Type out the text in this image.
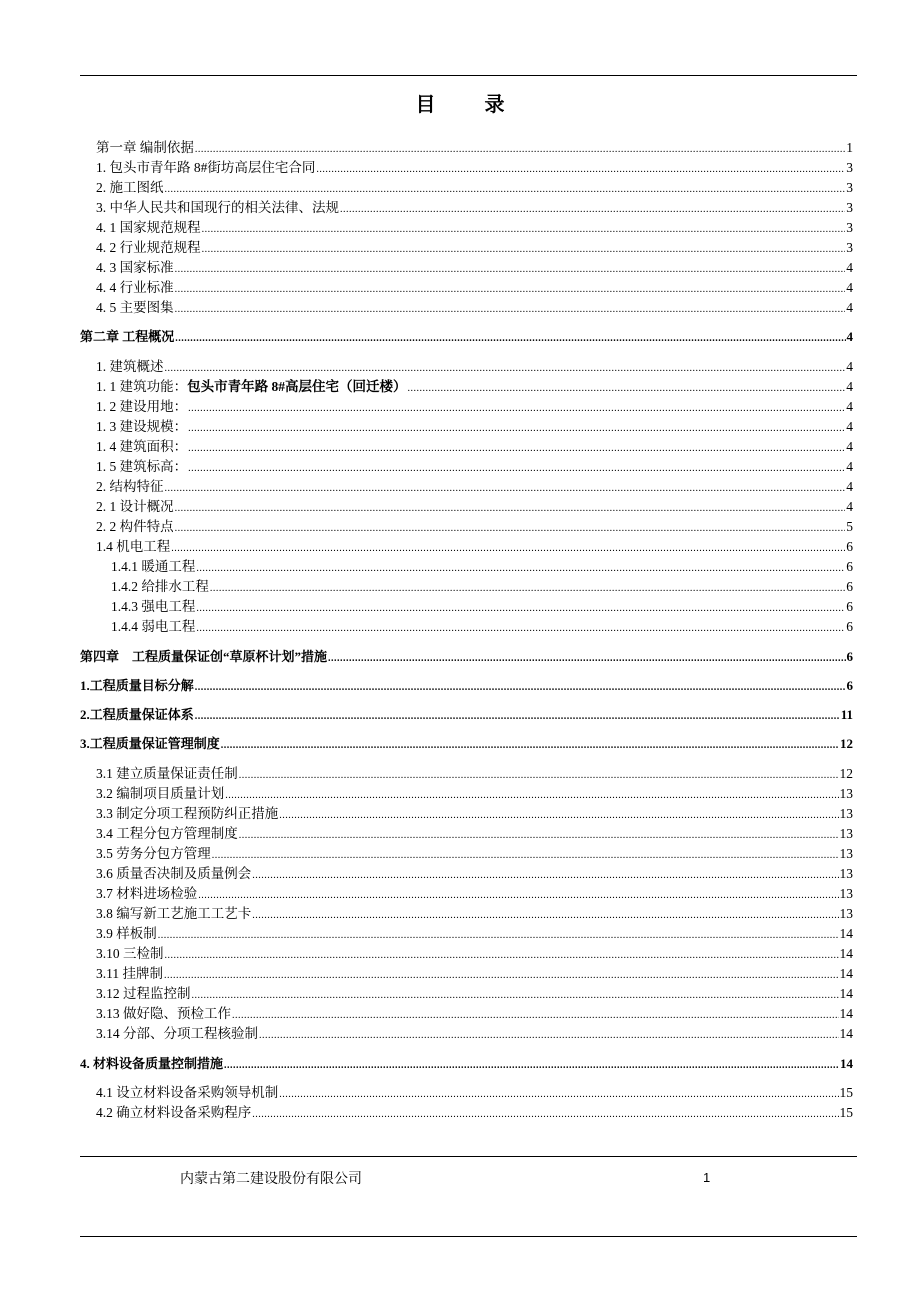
目 录
第一章 编制依据 .....	1
1. 包头市青年路 8#街坊高层住宅合同 .....	3
2. 施工图纸 .....	3
3. 中华人民共和国现行的相关法律、法规 .....	3
4. 1 国家规范规程 .....	3
4. 2 行业规范规程 .....	3
4. 3 国家标准 .....	4
4. 4 行业标准 .....	4
4. 5 主要图集 .....	4
第二章 工程概况 .....	4
1. 建筑概述 .....	4
1. 1 建筑功能： 包头市青年路 8#高层住宅（回迁楼） .....	4
1. 2 建设用地： .....	4
1. 3 建设规模： .....	4
1. 4 建筑面积： .....	4
1. 5 建筑标高： .....	4
2. 结构特征 .....	4
2. 1 设计概况 .....	4
2. 2 构件特点 .....	5
1.4 机电工程 .....	6
1.4.1 暖通工程 .....	6
1.4.2 给排水工程 .....	6
1.4.3 强电工程 .....	6
1.4.4 弱电工程 .....	6
第四章　工程质量保证创“草原杯计划”措施 .....	6
1.工程质量目标分解 .....	6
2.工程质量保证体系 .....	11
3.工程质量保证管理制度 .....	12
3.1 建立质量保证责任制 .....	12
3.2 编制项目质量计划 .....	13
3.3 制定分项工程预防纠正措施 .....	13
3.4 工程分包方管理制度 .....	13
3.5 劳务分包方管理 .....	13
3.6 质量否决制及质量例会 .....	13
3.7 材料进场检验 .....	13
3.8 编写新工艺施工工艺卡 .....	13
3.9 样板制 .....	14
3.10 三检制 .....	14
3.11 挂牌制 .....	14
3.12 过程监控制 .....	14
3.13 做好隐、预检工作 .....	14
3.14 分部、分项工程核验制 .....	14
4. 材料设备质量控制措施 .....	14
4.1 设立材料设备采购领导机制 .....	15
4.2 确立材料设备采购程序 .....	15
内蒙古第二建设股份有限公司	1
